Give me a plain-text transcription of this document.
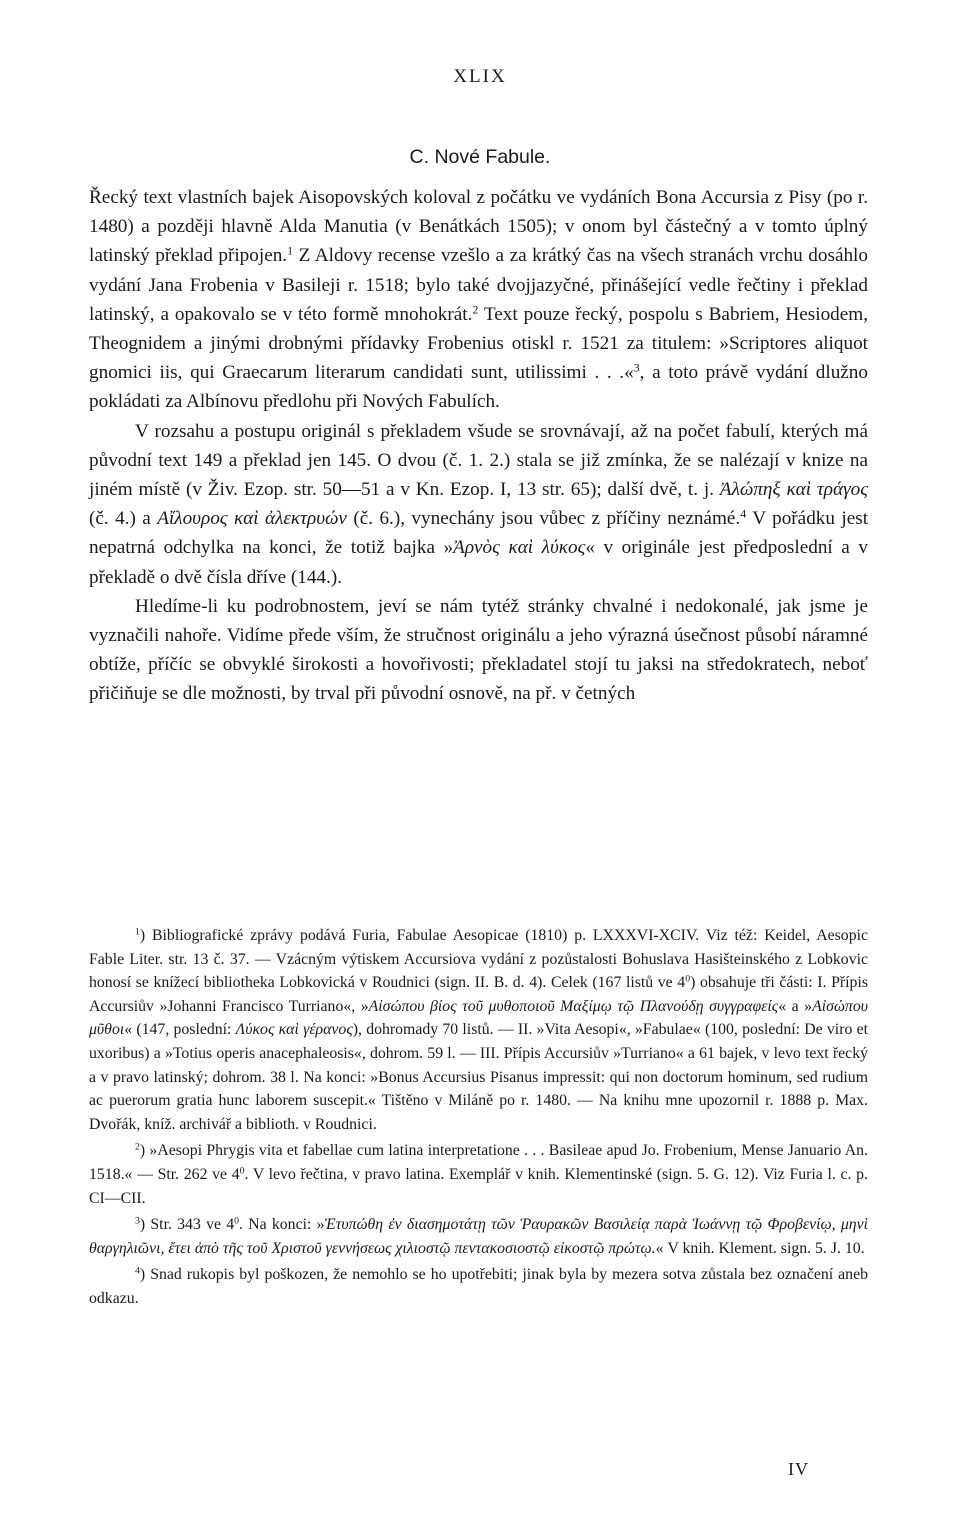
XLIX
C. Nové Fabule.

Řecký text vlastních bajek Aisopovských koloval z počátku ve vydáních Bona Accursia z Pisy (po r. 1480) a později hlavně Alda Manutia (v Benátkách 1505); v onom byl částečný a v tomto úplný latinský překlad připojen.$^1$ Z Aldovy recense vzešlo a za krátký čas na všech stranách vrchu dosáhlo vydání Jana Frobenia v Basileji r. 1518; bylo také dvojjazyčné, přinášející vedle řečtiny i překlad latinský, a opakovalo se v této formě mnohokrát.$^2$ Text pouze řecký, pospolu s Babriem, Hesiodem, Theognidem a jinými drobnými přídavky Frobenius otiskl r. 1521 za titulem: »Scriptores aliquot gnomici iis, qui Graecarum literarum candidati sunt, utilissimi . . .«$^3$, a toto právě vydání dlužno pokládati za Albínovu předlohu při Nových Fabulích.

V rozsahu a postupu originál s překladem všude se srovnávají, až na počet fabulí, kterých má původní text 149 a překlad jen 145. O dvou (č. 1. 2.) stala se již zmínka, že se nalézají v knize na jiném místě (v Živ. Ezop. str. 50—51 a v Kn. Ezop. I, 13 str. 65); další dvě, t. j. Ἀλώπηξ καὶ τράγος (č. 4.) a Αἴλουρος καὶ ἀλεκτρυών (č. 6.), vynechány jsou vůbec z příčiny neznámé.$^4$ V pořádku jest nepatrná odchylka na konci, že totiž bajka »Ἀρνὸς καὶ λύκος« v originále jest předposlední a v překladě o dvě čísla dříve (144.).

Hledíme-li ku podrobnostem, jeví se nám tytéž stránky chvalné i nedokonalé, jak jsme je vyznačili nahoře. Vidíme přede vším, že stručnost originálu a jeho výrazná úsečnost působí náramné obtíže, příčíc se obvyklé širokosti a hovořivosti; překladatel stojí tu jaksi na středokratech, neboť přičiňuje se dle možnosti, by trval při původní osnově, na př. v četných

$^1$) Bibliografické zprávy podává Furia, Fabulae Aesopicae (1810) p. LXXXVI-XCIV. Viz též: Keidel, Aesopic Fable Liter. str. 13 č. 37. — Vzácným výtiskem Accursiova vydání z pozůstalosti Bohuslava Hasišteinského z Lobkovic honosí se knížecí bibliotheka Lobkovická v Roudnici (sign. II. B. d. 4). Celek (167 listů ve $4^0$) obsahuje tři části: I. Přípis Accursiův »Johanni Francisco Turriano«, »Αἰσώπου βίος τοῦ μυθοποιοῦ Μαξίμῳ τῷ Πλανούδῃ συγγραφείς« a »Αἰσώπου μῦθοι« (147, poslední: Λύκος καὶ γέρανος), dohromady 70 listů. — II. »Vita Aesopi«, »Fabulae« (100, poslední: De viro et uxoribus) a »Totius operis anacephaleosis«, dohrom. 59 l. — III. Přípis Accursiův »Turriano« a 61 bajek, v levo text řecký a v pravo latinský; dohrom. 38 l. Na konci: »Bonus Accursius Pisanus impressit: qui non doctorum hominum, sed rudium ac puerorum gratia hunc laborem suscepit.« Tištěno v Miláně po r. 1480. — Na knihu mne upozornil r. 1888 p. Max. Dvořák, kníž. archivář a biblioth. v Roudnici.

$^2$) »Aesopi Phrygis vita et fabellae cum latina interpretatione . . . Basileae apud Jo. Frobenium, Mense Januario An. 1518.« — Str. 262 ve $4^0$. V levo řečtina, v pravo latina. Exemplář v knih. Klementinské (sign. 5. G. 12). Viz Furia l. c. p. CI—CII.

$^3$) Str. 343 ve $4^0$. Na konci: »Ἐτυπώθη ἐν διασημοτάτῃ τῶν Ῥαυρακῶν Βασιλείᾳ παρὰ Ἰωάννῃ τῷ Φροβενίῳ, μηνὶ θαργηλιῶνι, ἔτει ἀπὸ τῆς τοῦ Χριστοῦ γεννήσεως χιλιοστῷ πεντακοσιοστῷ εἰκοστῷ πρώτῳ.« V knih. Klement. sign. 5. J. 10.

$^4$) Snad rukopis byl poškozen, že nemohlo se ho upotřebiti; jinak byla by mezera sotva zůstala bez označení aneb odkazu.

IV
